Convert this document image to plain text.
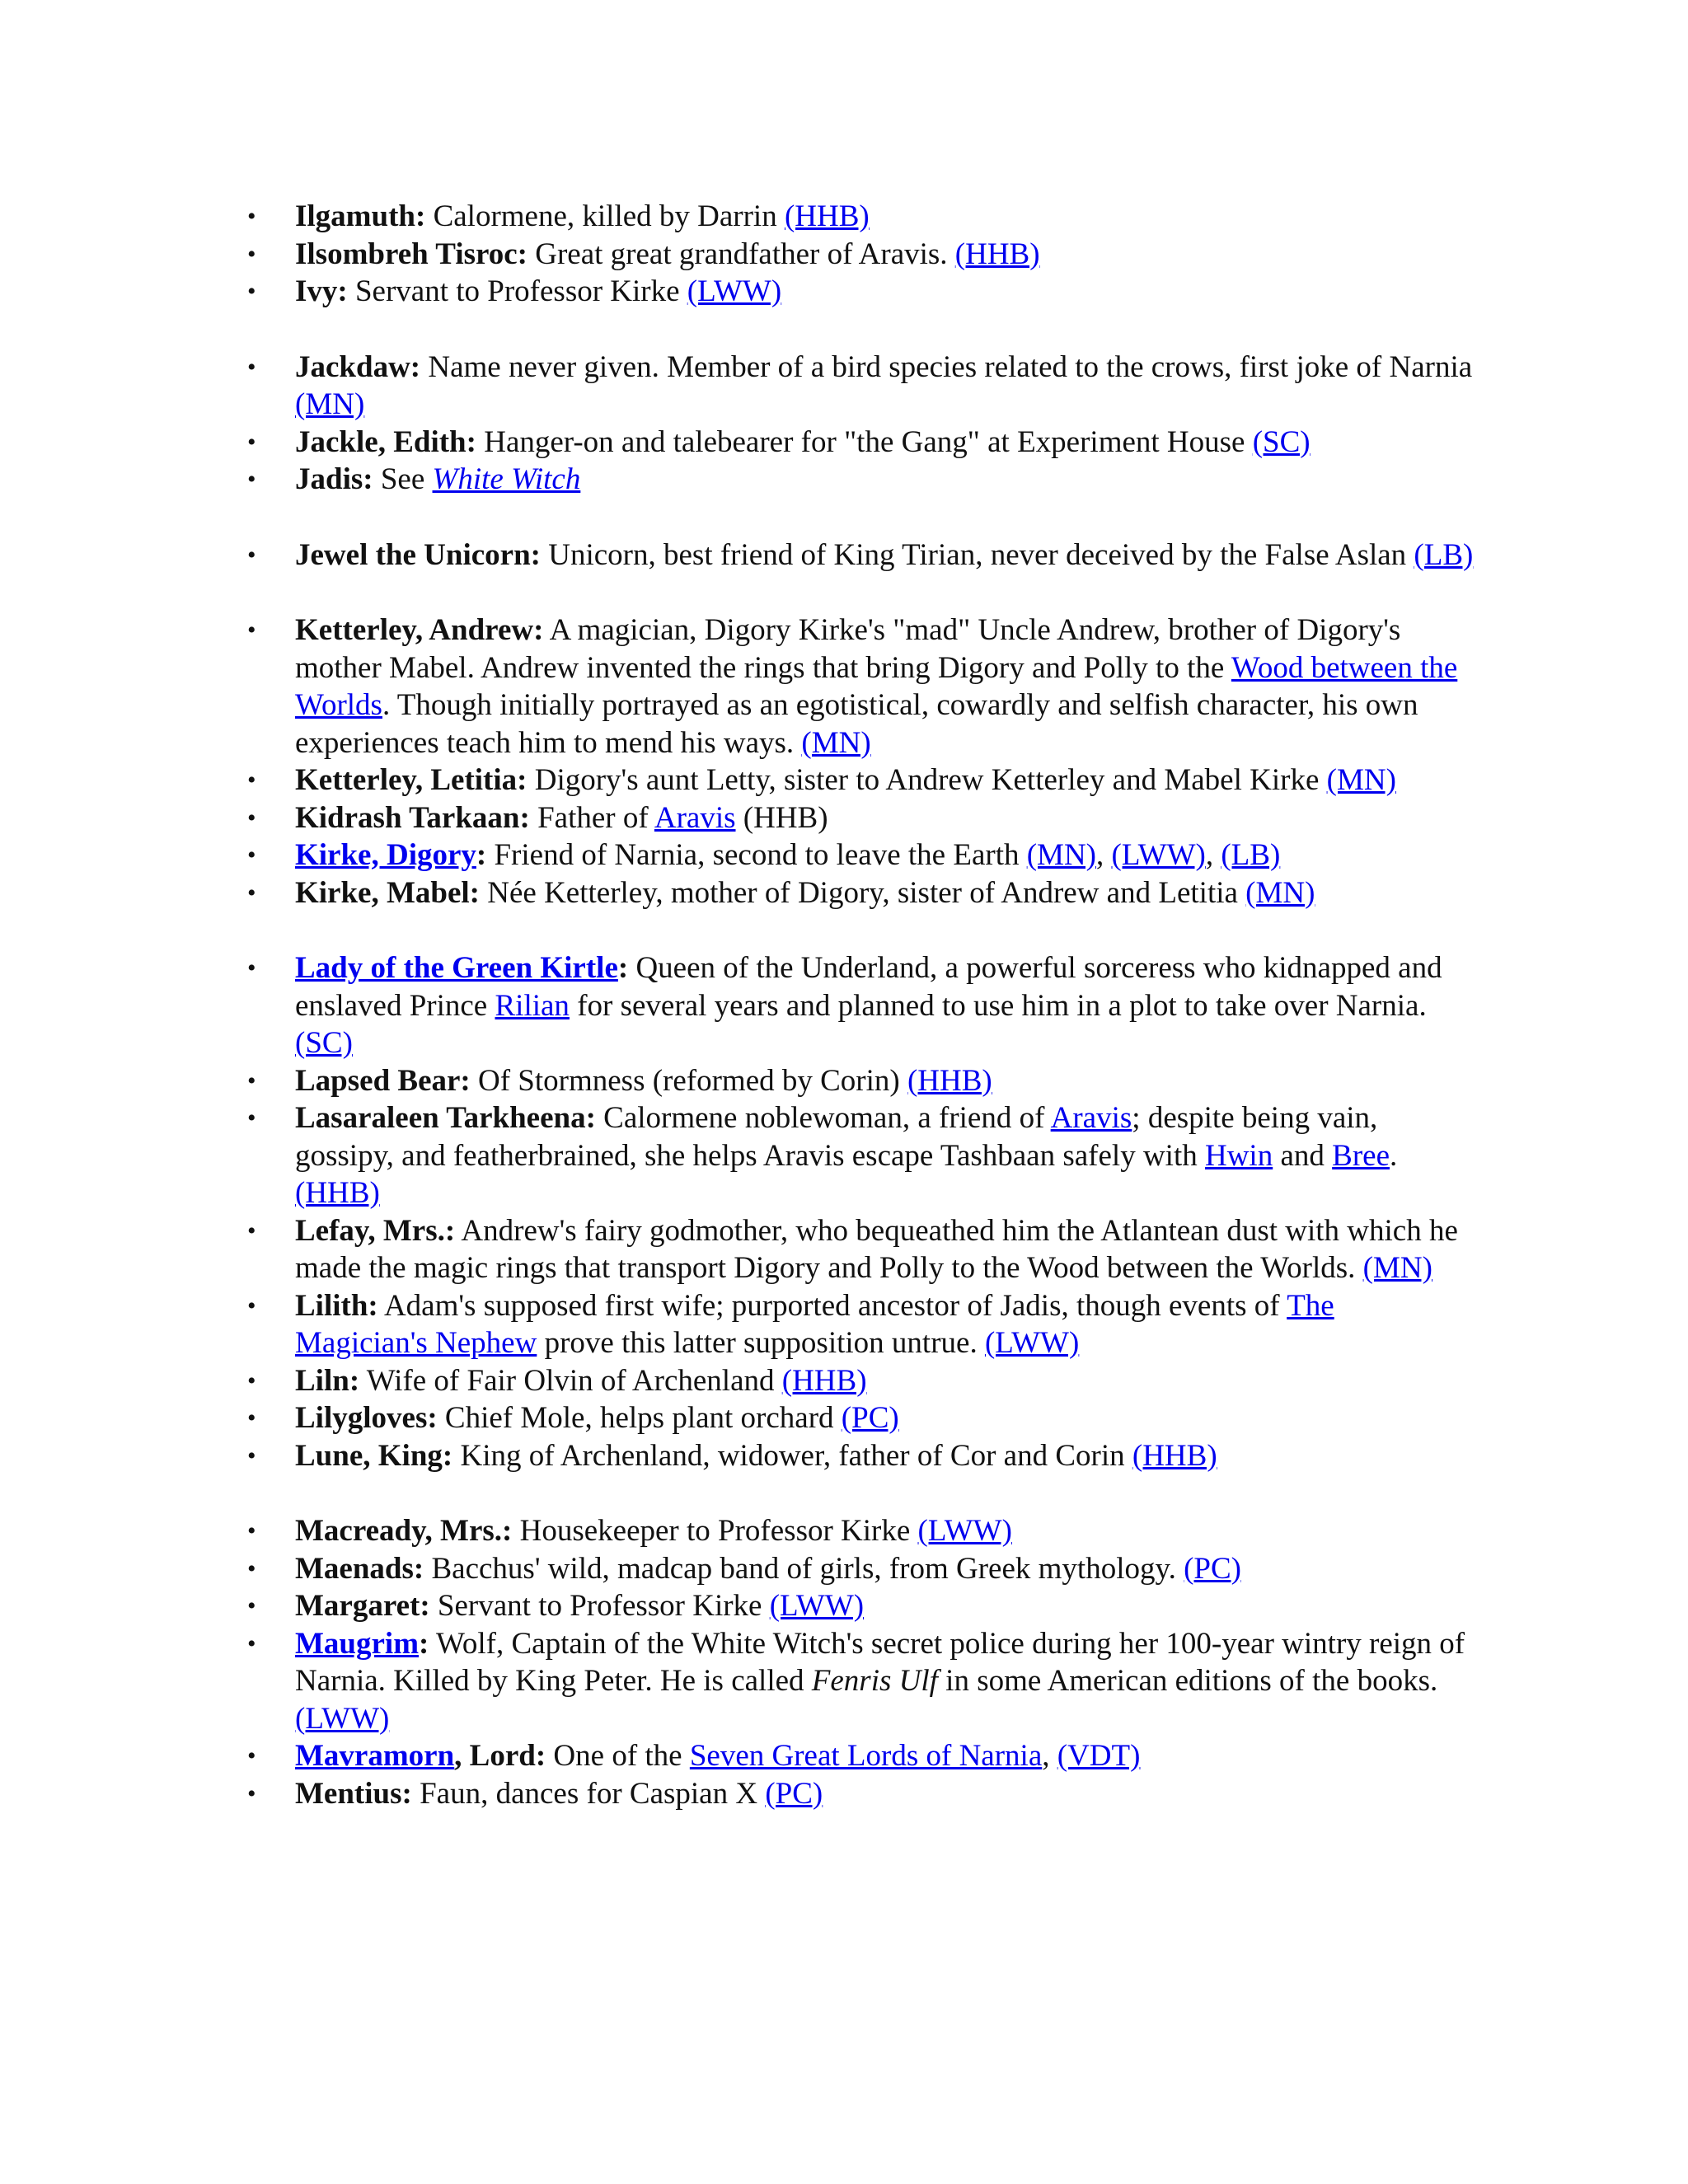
• Ilgamuth: Calormene, killed by Darrin (HHB)
• Ilsombreh Tisroc: Great great grandfather of Aravis. (HHB)
• Ivy: Servant to Professor Kirke (LWW)
• Jackdaw: Name never given. Member of a bird species related to the crows, first joke of Narnia (MN)
• Jackle, Edith: Hanger-on and talebearer for "the Gang" at Experiment House (SC)
• Jadis: See White Witch
• Jewel the Unicorn: Unicorn, best friend of King Tirian, never deceived by the False Aslan (LB)
• Ketterley, Andrew: A magician, Digory Kirke's "mad" Uncle Andrew, brother of Digory's mother Mabel. Andrew invented the rings that bring Digory and Polly to the Wood between the Worlds. Though initially portrayed as an egotistical, cowardly and selfish character, his own experiences teach him to mend his ways. (MN)
• Ketterley, Letitia: Digory's aunt Letty, sister to Andrew Ketterley and Mabel Kirke (MN)
• Kidrash Tarkaan: Father of Aravis (HHB)
• Kirke, Digory: Friend of Narnia, second to leave the Earth (MN), (LWW), (LB)
• Kirke, Mabel: Née Ketterley, mother of Digory, sister of Andrew and Letitia (MN)
• Lady of the Green Kirtle: Queen of the Underland, a powerful sorceress who kidnapped and enslaved Prince Rilian for several years and planned to use him in a plot to take over Narnia. (SC)
• Lapsed Bear: Of Stormness (reformed by Corin) (HHB)
• Lasaraleen Tarkheena: Calormene noblewoman, a friend of Aravis; despite being vain, gossipy, and featherbrained, she helps Aravis escape Tashbaan safely with Hwin and Bree. (HHB)
• Lefay, Mrs.: Andrew's fairy godmother, who bequeathed him the Atlantean dust with which he made the magic rings that transport Digory and Polly to the Wood between the Worlds. (MN)
• Lilith: Adam's supposed first wife; purported ancestor of Jadis, though events of The Magician's Nephew prove this latter supposition untrue. (LWW)
• Liln: Wife of Fair Olvin of Archenland (HHB)
• Lilygloves: Chief Mole, helps plant orchard (PC)
• Lune, King: King of Archenland, widower, father of Cor and Corin (HHB)
• Macready, Mrs.: Housekeeper to Professor Kirke (LWW)
• Maenads: Bacchus' wild, madcap band of girls, from Greek mythology. (PC)
• Margaret: Servant to Professor Kirke (LWW)
• Maugrim: Wolf, Captain of the White Witch's secret police during her 100-year wintry reign of Narnia. Killed by King Peter. He is called Fenris Ulf in some American editions of the books. (LWW)
• Mavramorn, Lord: One of the Seven Great Lords of Narnia, (VDT)
• Mentius: Faun, dances for Caspian X (PC)
